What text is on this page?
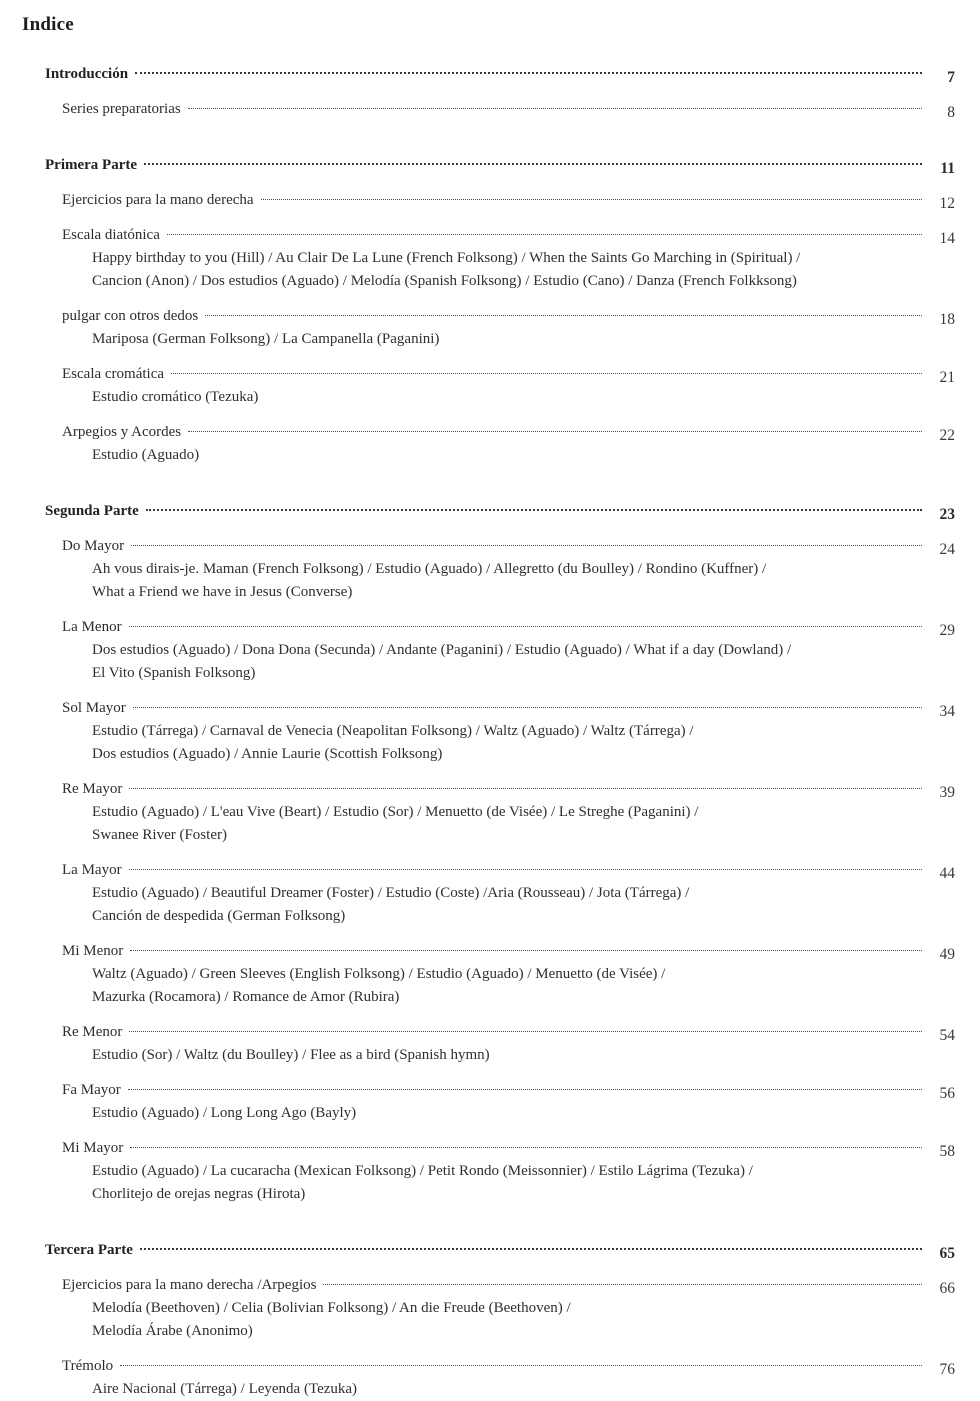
Indice
Introducción	7
Series preparatorias	8
Primera Parte	11
Ejercicios para la mano derecha	12
Escala diatónica	14
Happy birthday to you (Hill) / Au Clair De La Lune (French Folksong) / When the Saints Go Marching in (Spiritual) /
Cancion (Anon) / Dos estudios (Aguado) / Melodía (Spanish Folksong) / Estudio (Cano) / Danza (French Folkksong)
pulgar con otros dedos	18
Mariposa (German Folksong) / La Campanella (Paganini)
Escala cromática	21
Estudio cromático (Tezuka)
Arpegios y Acordes	22
Estudio (Aguado)
Segunda Parte	23
Do Mayor	24
Ah vous dirais-je. Maman (French Folksong) / Estudio (Aguado) / Allegretto (du Boulley) / Rondino (Kuffner) /
What a Friend we have in Jesus (Converse)
La Menor	29
Dos estudios (Aguado) / Dona Dona (Secunda) / Andante (Paganini) / Estudio (Aguado) / What if a day (Dowland) /
El Vito (Spanish Folksong)
Sol Mayor	34
Estudio (Tárrega) / Carnaval de Venecia (Neapolitan Folksong) / Waltz (Aguado) / Waltz (Tárrega) /
Dos estudios (Aguado) / Annie Laurie (Scottish Folksong)
Re Mayor	39
Estudio (Aguado) / L'eau Vive (Beart) / Estudio (Sor) / Menuetto (de Visée) / Le Streghe (Paganini) /
Swanee River (Foster)
La Mayor	44
Estudio (Aguado) / Beautiful Dreamer (Foster) / Estudio (Coste) /Aria (Rousseau) / Jota (Tárrega) /
Canción de despedida (German Folksong)
Mi Menor	49
Waltz (Aguado) / Green Sleeves (English Folksong) / Estudio (Aguado) / Menuetto (de Visée) /
Mazurka (Rocamora) / Romance de Amor (Rubira)
Re Menor	54
Estudio (Sor) / Waltz (du Boulley) / Flee as a bird (Spanish hymn)
Fa Mayor	56
Estudio (Aguado) / Long Long Ago (Bayly)
Mi Mayor	58
Estudio (Aguado) / La cucaracha (Mexican Folksong) / Petit Rondo (Meissonnier) / Estilo Lágrima (Tezuka) /
Chorlitejo de orejas negras (Hirota)
Tercera Parte	65
Ejercicios para la mano derecha /Arpegios	66
Melodía (Beethoven) / Celia (Bolivian Folksong) / An die Freude (Beethoven) /
Melodía Árabe (Anonimo)
Trémolo	76
Aire Nacional (Tárrega) / Leyenda (Tezuka)
